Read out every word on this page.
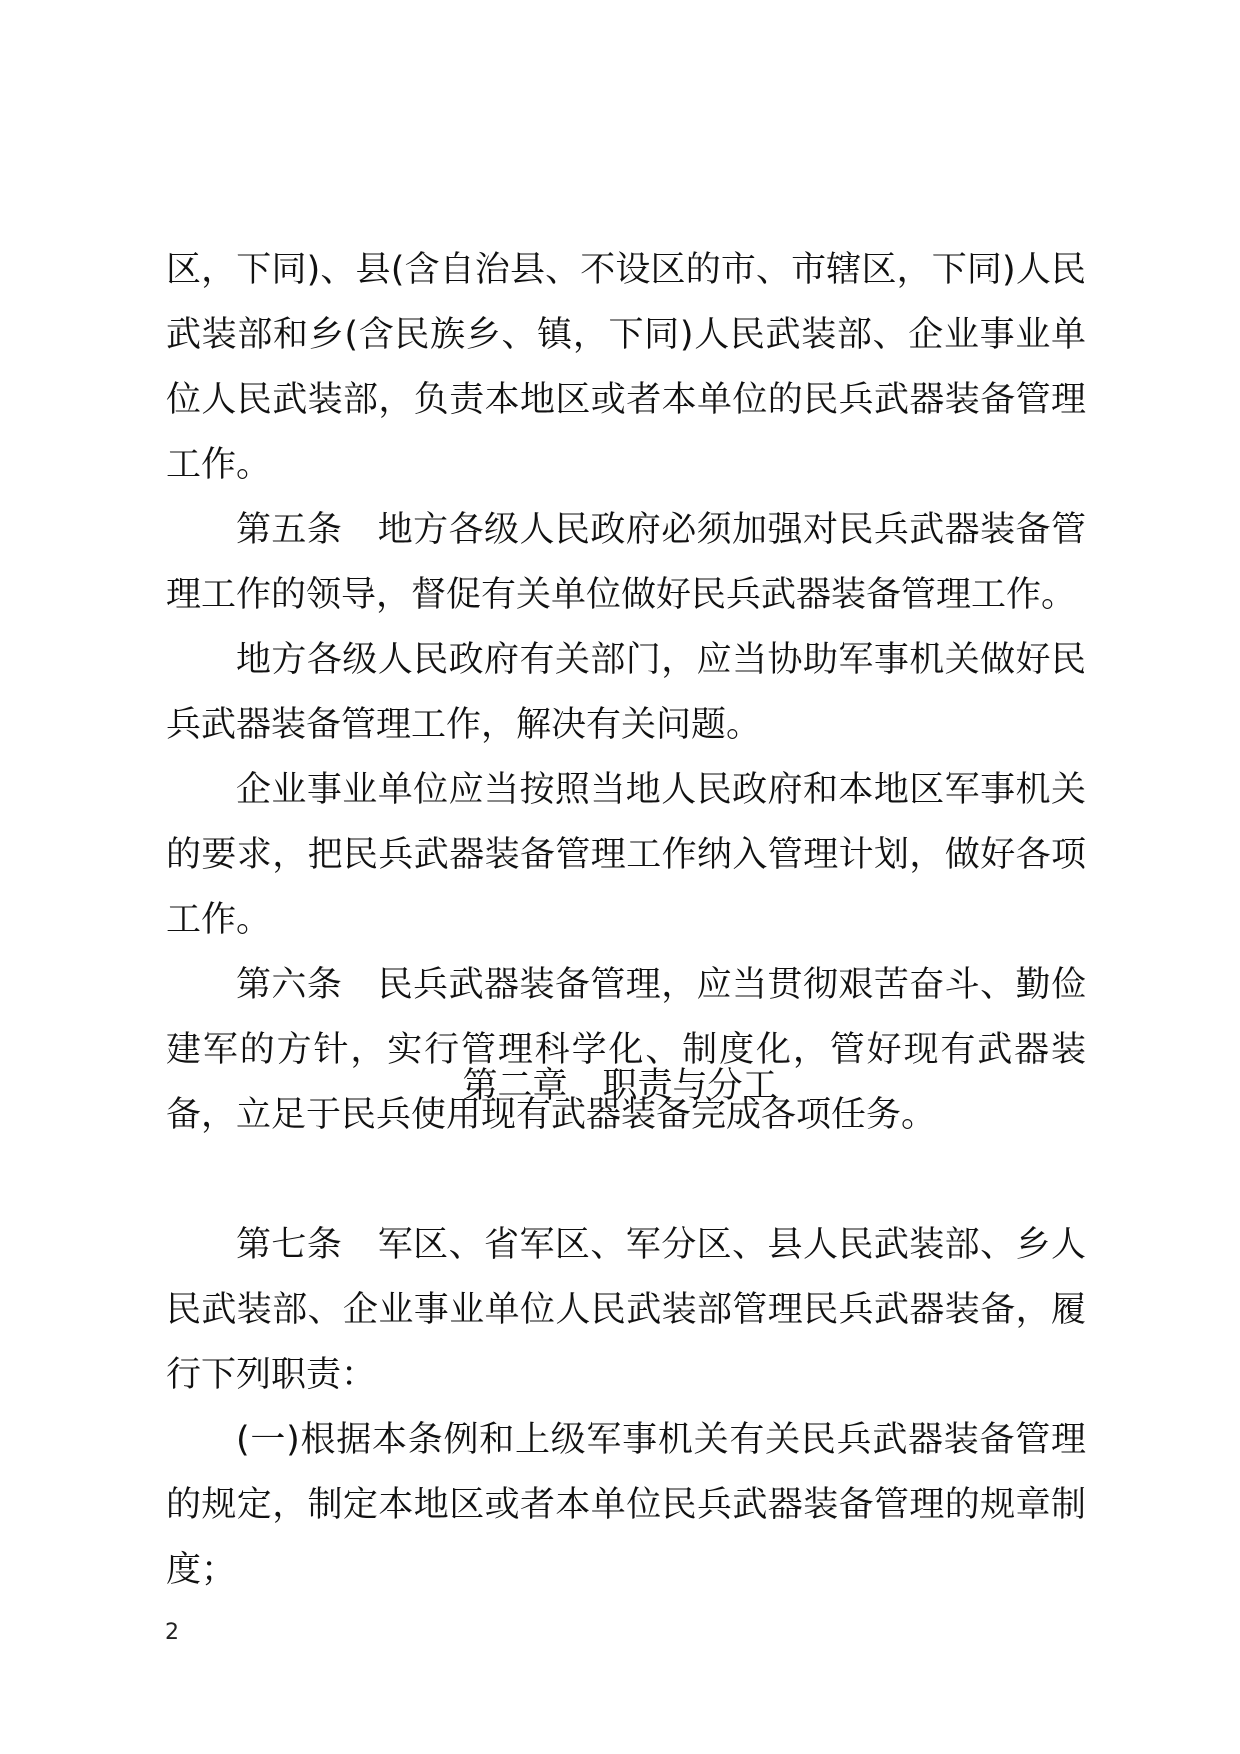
区，下同)、县(含自治县、不设区的市、市辖区，下同)人民武装部和乡(含民族乡、镇，下同)人民武装部、企业事业单位人民武装部，负责本地区或者本单位的民兵武器装备管理工作。

第五条　地方各级人民政府必须加强对民兵武器装备管理工作的领导，督促有关单位做好民兵武器装备管理工作。

地方各级人民政府有关部门，应当协助军事机关做好民兵武器装备管理工作，解决有关问题。

企业事业单位应当按照当地人民政府和本地区军事机关的要求，把民兵武器装备管理工作纳入管理计划，做好各项工作。

第六条　民兵武器装备管理，应当贯彻艰苦奋斗、勤俭建军的方针，实行管理科学化、制度化，管好现有武器装备，立足于民兵使用现有武器装备完成各项任务。

第二章　职责与分工

第七条　军区、省军区、军分区、县人民武装部、乡人民武装部、企业事业单位人民武装部管理民兵武器装备，履行下列职责：

(一)根据本条例和上级军事机关有关民兵武器装备管理的规定，制定本地区或者本单位民兵武器装备管理的规章制度；

2
